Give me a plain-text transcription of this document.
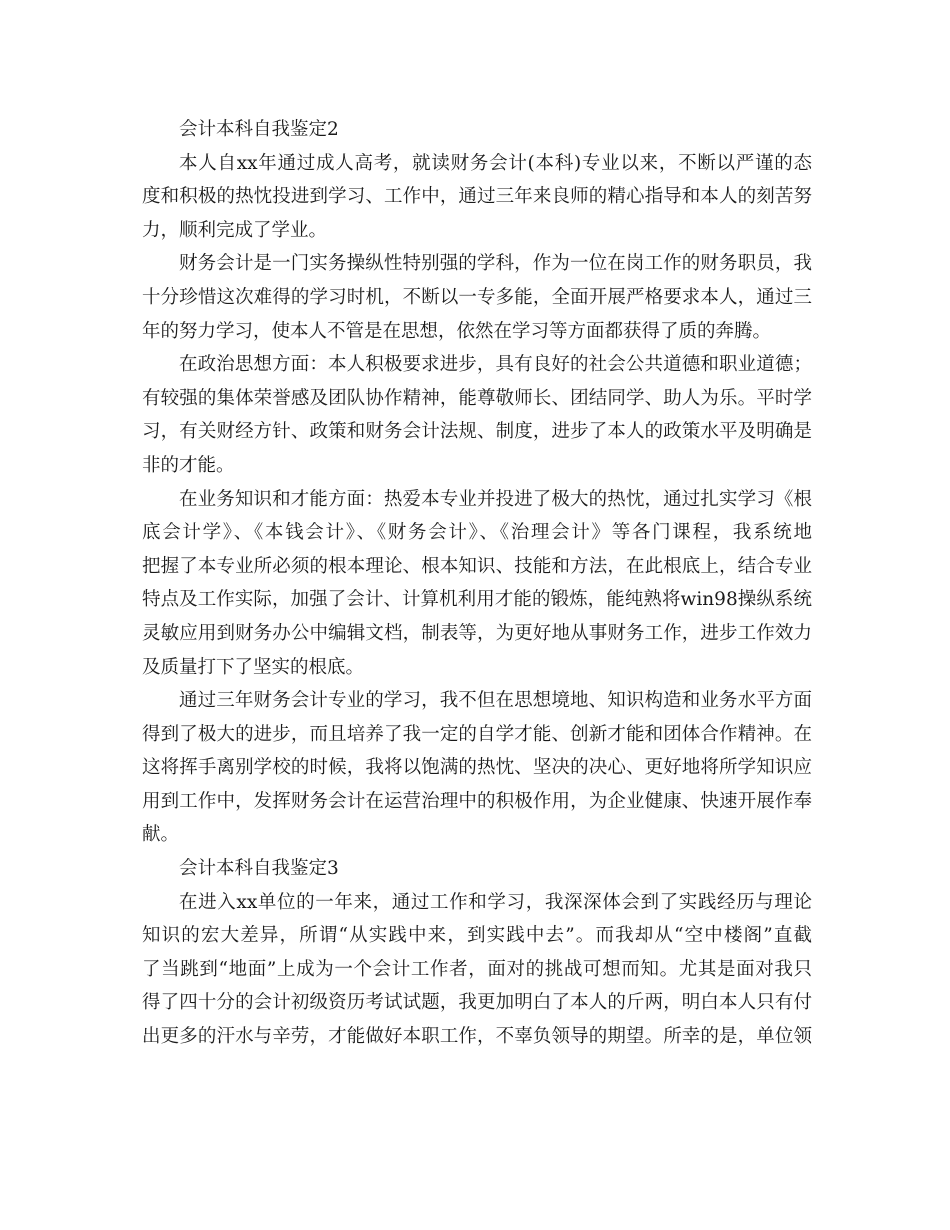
会计本科自我鉴定2
本人自xx年通过成人高考，就读财务会计(本科)专业以来，不断以严谨的态
度和积极的热忱投进到学习、工作中，通过三年来良师的精心指导和本人的刻苦努
力，顺利完成了学业。
财务会计是一门实务操纵性特别强的学科，作为一位在岗工作的财务职员，我
十分珍惜这次难得的学习时机，不断以一专多能，全面开展严格要求本人，通过三
年的努力学习，使本人不管是在思想，依然在学习等方面都获得了质的奔腾。
在政治思想方面：本人积极要求进步，具有良好的社会公共道德和职业道德；
有较强的集体荣誉感及团队协作精神，能尊敬师长、团结同学、助人为乐。平时学
习，有关财经方针、政策和财务会计法规、制度，进步了本人的政策水平及明确是
非的才能。
在业务知识和才能方面：热爱本专业并投进了极大的热忱，通过扎实学习《根
底会计学》、《本钱会计》、《财务会计》、《治理会计》等各门课程，我系统地
把握了本专业所必须的根本理论、根本知识、技能和方法，在此根底上，结合专业
特点及工作实际，加强了会计、计算机利用才能的锻炼，能纯熟将win98操纵系统
灵敏应用到财务办公中编辑文档，制表等，为更好地从事财务工作，进步工作效力
及质量打下了坚实的根底。
通过三年财务会计专业的学习，我不但在思想境地、知识构造和业务水平方面
得到了极大的进步，而且培养了我一定的自学才能、创新才能和团体合作精神。在
这将挥手离别学校的时候，我将以饱满的热忱、坚决的决心、更好地将所学知识应
用到工作中，发挥财务会计在运营治理中的积极作用，为企业健康、快速开展作奉
献。
会计本科自我鉴定3
在进入xx单位的一年来，通过工作和学习，我深深体会到了实践经历与理论
知识的宏大差异，所谓“从实践中来，到实践中去”。而我却从“空中楼阁”直截
了当跳到“地面”上成为一个会计工作者，面对的挑战可想而知。尤其是面对我只
得了四十分的会计初级资历考试试题，我更加明白了本人的斤两，明白本人只有付
出更多的汗水与辛劳，才能做好本职工作，不辜负领导的期望。所幸的是，单位领
